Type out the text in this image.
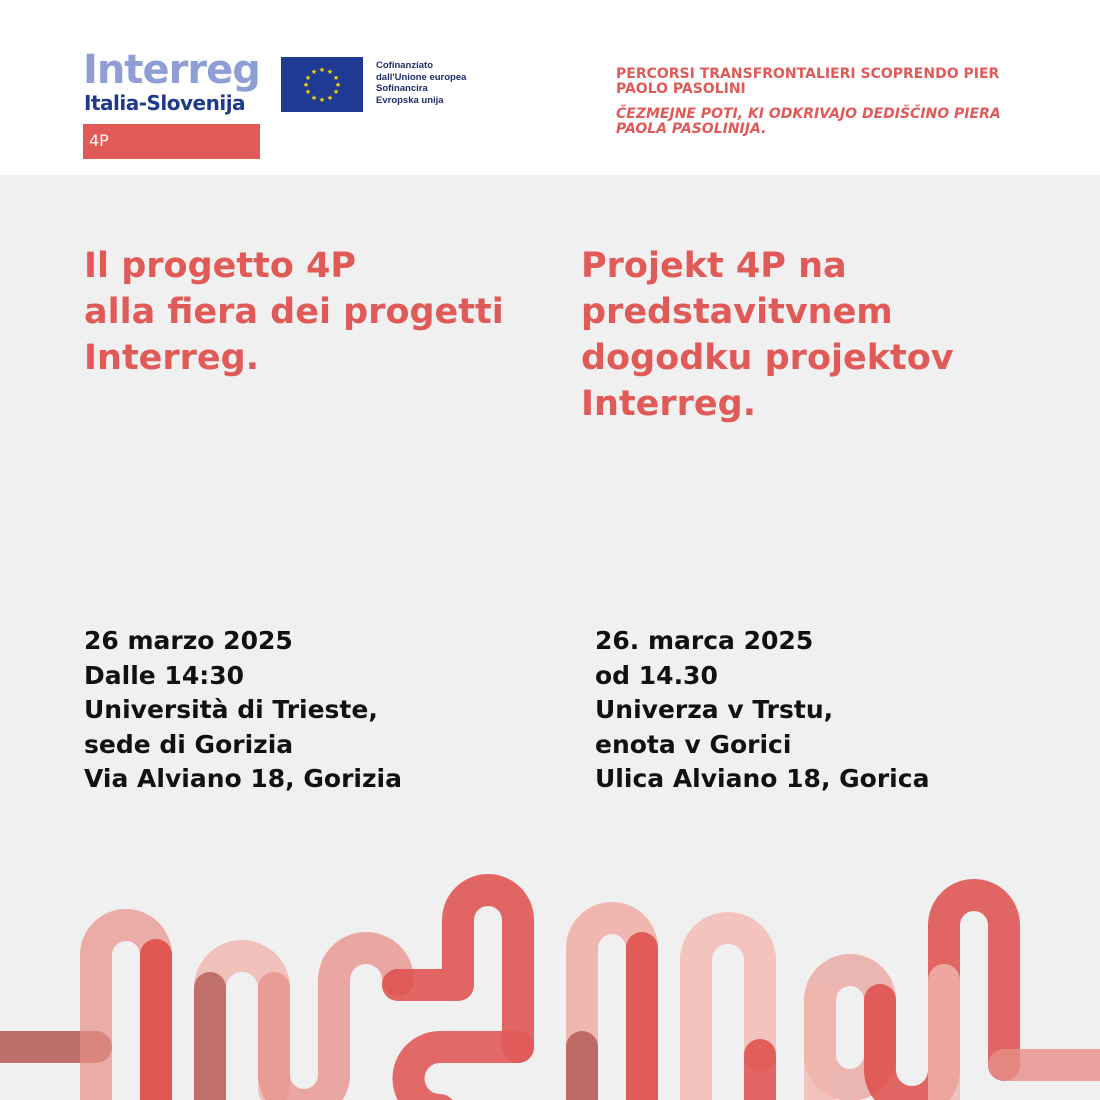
Interreg
Italia-Slovenija
4P
★ ★
★
★
★
★
★
★
★
★
★
★
Cofinanziato
dall'Unione europea
Sofinancira
Evropska unija
PERCORSI TRANSFRONTALIERI SCOPRENDO PIER PAOLO PASOLINI
ČEZMEJNE POTI, KI ODKRIVAJO DEDIŠČINO PIERA PAOLA PASOLINIJA.
Il progetto 4P
alla fiera dei progetti
Interreg.
Projekt 4P na
predstavitvnem
dogodku projektov
Interreg.
26 marzo 2025
Dalle 14:30
Università di Trieste,
sede di Gorizia
Via Alviano 18, Gorizia
26. marca 2025
od 14.30
Univerza v Trstu,
enota v Gorici
Ulica Alviano 18, Gorica
